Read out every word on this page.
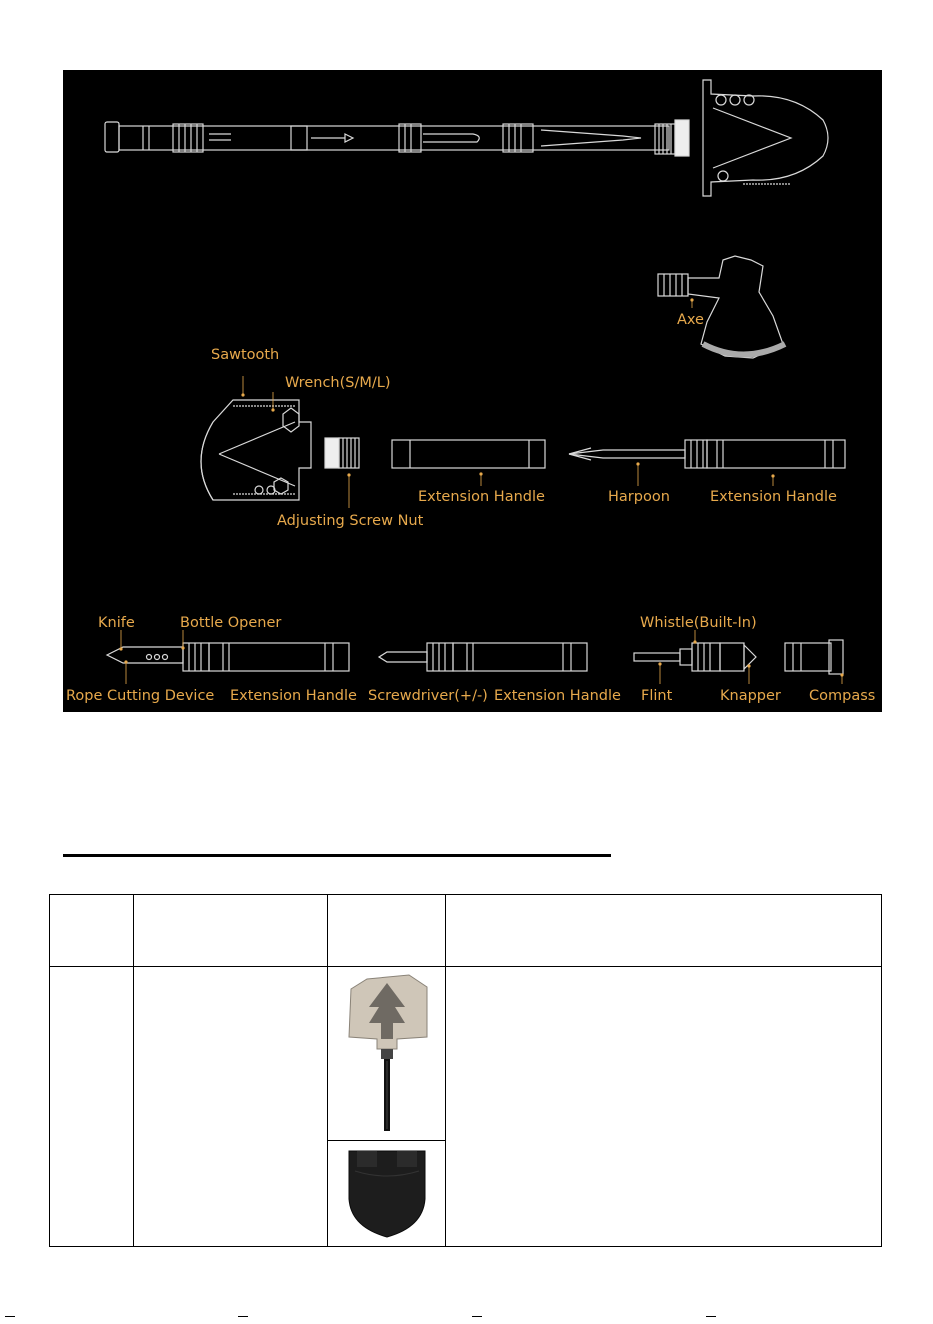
Axe
Sawtooth
Wrench(S/M/L)
Adjusting Screw Nut
Extension Handle	Harpoon	Extension Handle
Knife	Bottle Opener
Rope Cutting Device Extension Handle Screwdriver(+/-) Extension Handle
Whistle(Built-In)
Flint	Knapper Compass
